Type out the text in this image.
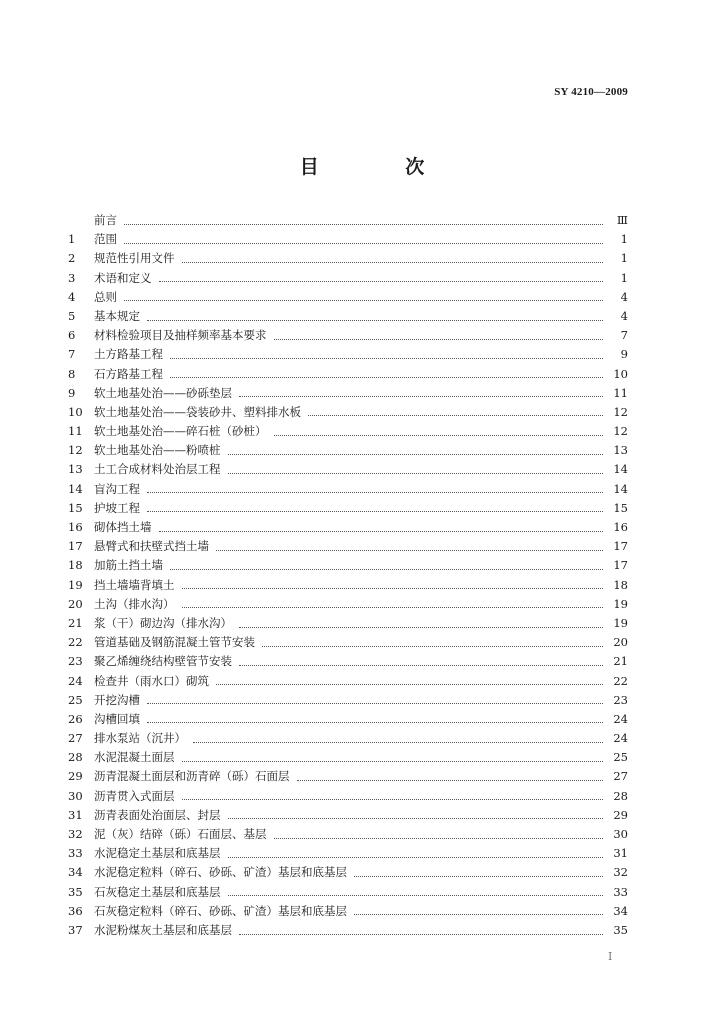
SY 4210—2009
目 次
前言	Ⅲ
1	范围	1
2	规范性引用文件	1
3	术语和定义	1
4	总则	4
5	基本规定	4
6	材料检验项目及抽样频率基本要求	7
7	土方路基工程	9
8	石方路基工程	10
9	软土地基处治——砂砾垫层	11
10 软土地基处治——袋装砂井、塑料排水板	12
11 软土地基处治——碎石桩（砂桩）	12
12 软土地基处治——粉喷桩	13
13 土工合成材料处治层工程	14
14 盲沟工程	14
15 护坡工程	15
16 砌体挡土墙	16
17 悬臂式和扶壁式挡土墙	17
18 加筋土挡土墙	17
19 挡土墙墙背填土	18
20 土沟（排水沟）	19
21 浆（干）砌边沟（排水沟）	19
22 管道基础及钢筋混凝土管节安装	20
23 聚乙烯缠绕结构壁管节安装	21
24 检查井（雨水口）砌筑	22
25 开挖沟槽	23
26 沟槽回填	24
27 排水泵站（沉井）	24
28 水泥混凝土面层	25
29 沥青混凝土面层和沥青碎（砾）石面层	27
30 沥青贯入式面层	28
31 沥青表面处治面层、封层	29
32 泥（灰）结碎（砾）石面层、基层	30
33 水泥稳定土基层和底基层	31
34 水泥稳定粒料（碎石、砂砾、矿渣）基层和底基层	32
35 石灰稳定土基层和底基层	33
36 石灰稳定粒料（碎石、砂砾、矿渣）基层和底基层	34
37 水泥粉煤灰土基层和底基层	35
I
